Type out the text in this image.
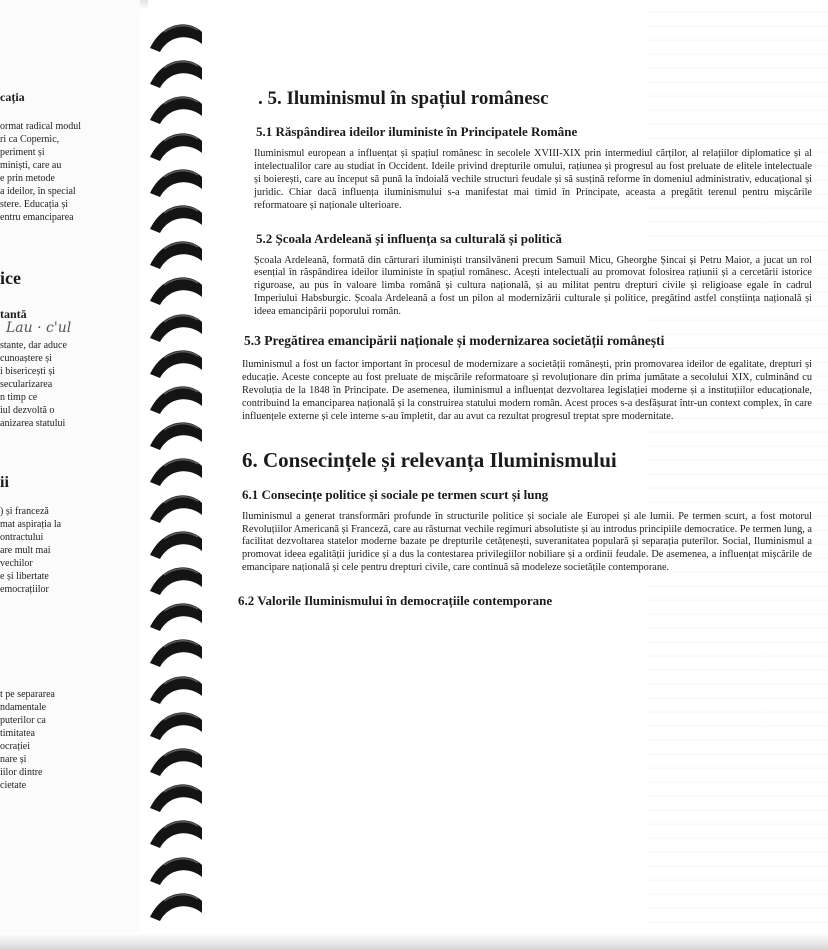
cația
ormat radical modul
ri ca Copernic,
periment și
miniști, care au
e prin metode
a ideilor, în special
stere. Educația și
entru emanciparea
ice
tantă
Lau · c'ul
stante, dar aduce
cunoaștere și
i bisericești și
secularizarea
n timp ce
iul dezvoltă o
anizarea statului
ii
) și franceză
mat aspirația la
ontractului
are mult mai
vechilor
e și libertate
emocrațiilor
t pe separarea
ndamentale
puterilor ca
timitatea
ocrației
nare și
iilor dintre
cietate
. 5. Iluminismul în spațiul românesc
5.1 Răspândirea ideilor iluministe în Principatele Române

Iluminismul european a influențat și spațiul românesc în secolele XVIII-XIX prin intermediul cărților, al relațiilor diplomatice și al intelectualilor care au studiat în Occident. Ideile privind drepturile omului, rațiunea și progresul au fost preluate de elitele intelectuale și boierești, care au început să pună la îndoială vechile structuri feudale și să susțină reforme în domeniul administrativ, educațional și juridic. Chiar dacă influența iluminismului s-a manifestat mai timid în Principate, aceasta a pregătit terenul pentru mișcările reformatoare și naționale ulterioare.

5.2 Școala Ardeleană și influența sa culturală și politică

Școala Ardeleană, formată din cărturari iluminiști transilvăneni precum Samuil Micu, Gheorghe Șincai și Petru Maior, a jucat un rol esențial în răspândirea ideilor iluministe în spațiul românesc. Acești intelectuali au promovat folosirea rațiunii și a cercetării istorice riguroase, au pus în valoare limba română și cultura națională, și au militat pentru drepturi civile și religioase egale în cadrul Imperiului Habsburgic. Școala Ardeleană a fost un pilon al modernizării culturale și politice, pregătind astfel conștiința națională și ideea emancipării poporului român.

5.3 Pregătirea emancipării naționale și modernizarea societății românești

Iluminismul a fost un factor important în procesul de modernizare a societății românești, prin promovarea ideilor de egalitate, drepturi și educație. Aceste concepte au fost preluate de mișcările reformatoare și revoluționare din prima jumătate a secolului XIX, culminând cu Revoluția de la 1848 în Principate. De asemenea, iluminismul a influențat dezvoltarea legislației moderne și a instituțiilor educaționale, contribuind la emanciparea națională și la construirea statului modern român. Acest proces s-a desfășurat într-un context complex, în care influențele externe și cele interne s-au împletit, dar au avut ca rezultat progresul treptat spre modernitate.

6. Consecințele și relevanța Iluminismului
6.1 Consecințe politice și sociale pe termen scurt și lung

Iluminismul a generat transformări profunde în structurile politice și sociale ale Europei și ale lumii. Pe termen scurt, a fost motorul Revoluțiilor Americană și Franceză, care au răsturnat vechile regimuri absolutiste și au introdus principiile democratice. Pe termen lung, a facilitat dezvoltarea statelor moderne bazate pe drepturile cetățenești, suveranitatea populară și separația puterilor. Social, Iluminismul a promovat ideea egalității juridice și a dus la contestarea privilegiilor nobiliare și a ordinii feudale. De asemenea, a influențat mișcările de emancipare națională și cele pentru drepturi civile, care continuă să modeleze societățile contemporane.

6.2 Valorile Iluminismului în democrațiile contemporane
